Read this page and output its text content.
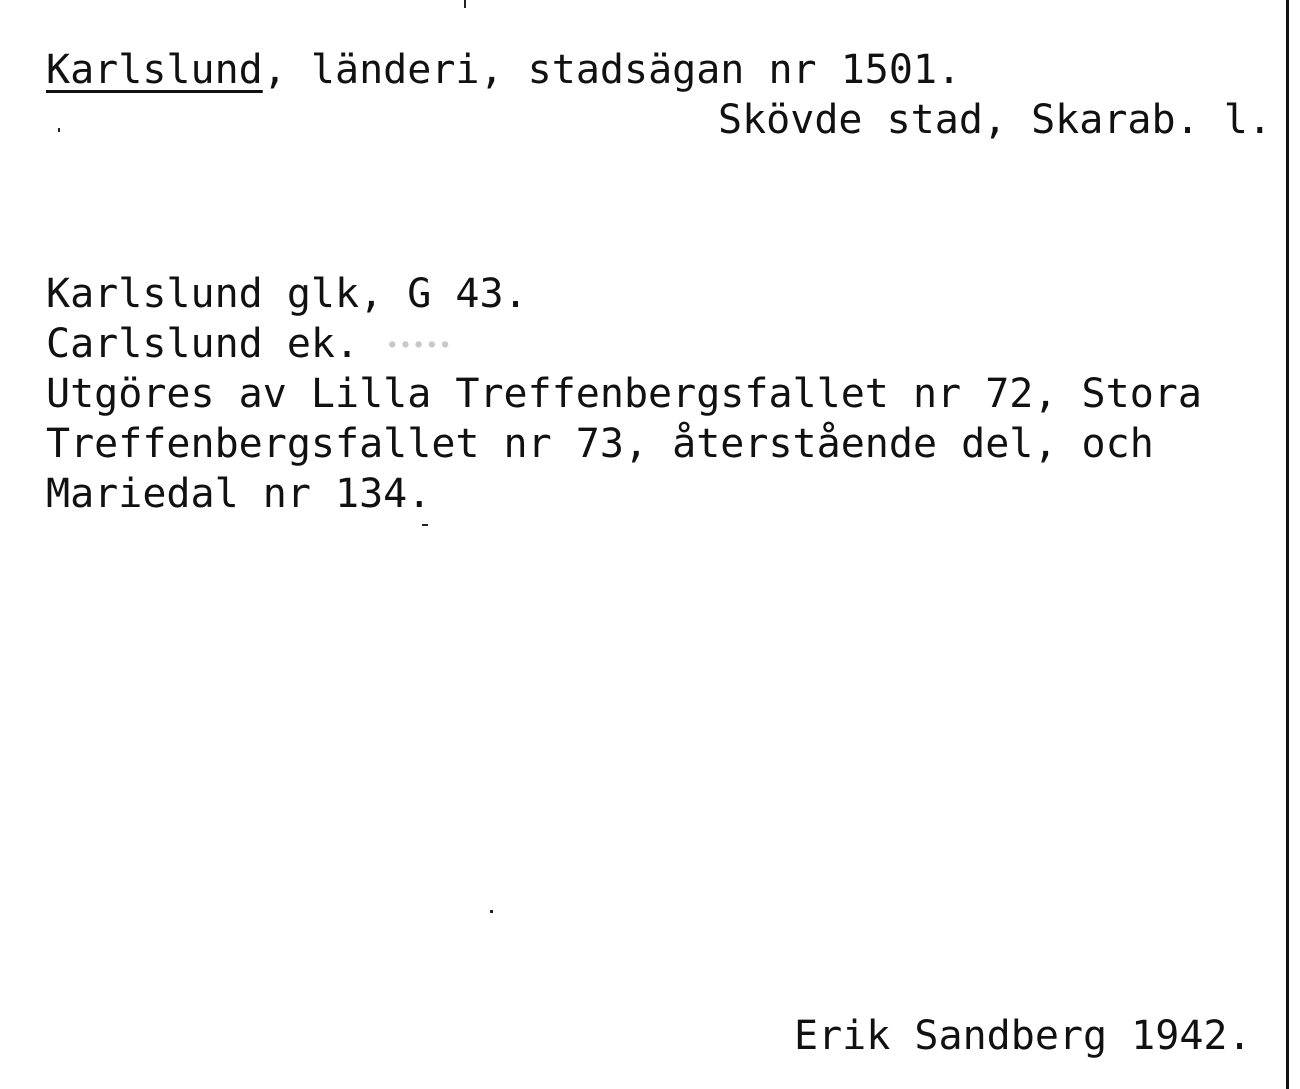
Karlslund, länderi, stadsägan nr 1501.
Skövde stad, Skarab. l.
Karlslund glk, G 43.
Carlslund ek.  ∙∙∙∙∙
Utgöres av Lilla Treffenbergsfallet nr 72, Stora
Treffenbergsfallet nr 73, återstående del, och
Mariedal nr 134.
Erik Sandberg 1942.
